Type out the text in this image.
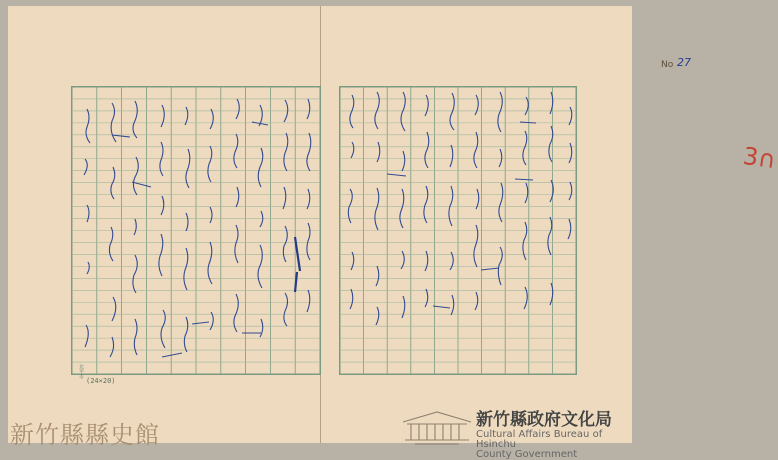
(24×20)
北平市
No 27
3∩
新竹縣縣史館
新竹縣政府文化局
Cultural Affairs Bureau of Hsinchu
County Government
